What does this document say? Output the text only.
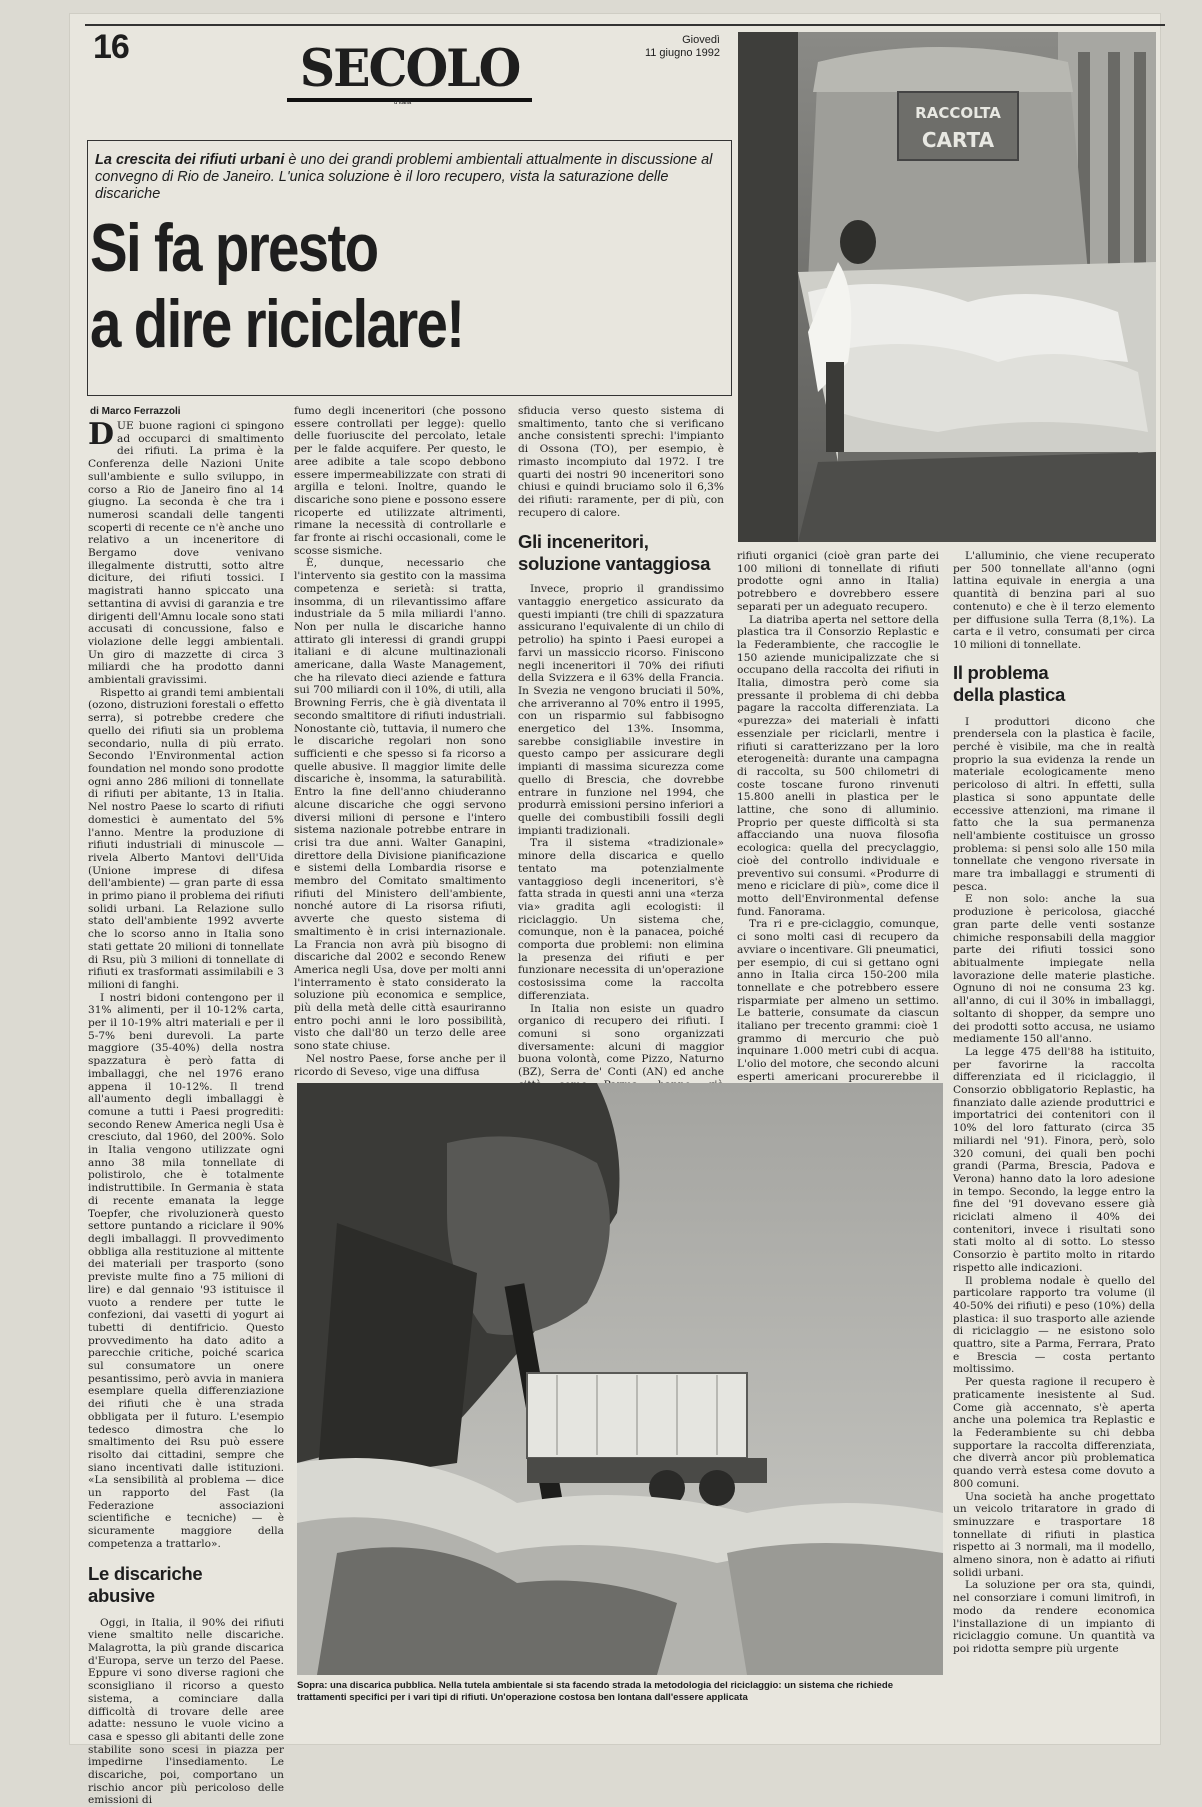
16	SECOLO
d'Italia
Giovedì
11 giugno 1992
La crescita dei rifiuti urbani è uno dei grandi problemi ambientali attualmente in discussione al convegno di Rio de Janeiro. L'unica soluzione è il loro recupero, vista la saturazione delle discariche
Si fa presto
a dire riciclare!
RACCOLTA
CARTA
di Marco Ferrazzoli

DUE buone ragioni ci spingono ad occuparci di smaltimento dei rifiuti. La prima è la Conferenza delle Nazioni Unite sull'ambiente e sullo sviluppo, in corso a Rio de Janeiro fino al 14 giugno. La seconda è che tra i numerosi scandali delle tangenti scoperti di recente ce n'è anche uno relativo a un inceneritore di Bergamo dove venivano illegalmente distrutti, sotto altre diciture, dei rifiuti tossici. I magistrati hanno spiccato una settantina di avvisi di garanzia e tre dirigenti dell'Amnu locale sono stati accusati di concussione, falso e violazione delle leggi ambientali. Un giro di mazzette di circa 3 miliardi che ha prodotto danni ambientali gravissimi.

Rispetto ai grandi temi ambientali (ozono, distruzioni forestali o effetto serra), si potrebbe credere che quello dei rifiuti sia un problema secondario, nulla di più errato. Secondo l'Environmental action foundation nel mondo sono prodotte ogni anno 286 milioni di tonnellate di rifiuti per abitante, 13 in Italia. Nel nostro Paese lo scarto di rifiuti domestici è aumentato del 5% l'anno. Mentre la produzione di rifiuti industriali di minuscole — rivela Alberto Mantovi dell'Uida (Unione imprese di difesa dell'ambiente) — gran parte di essa in primo piano il problema dei rifiuti solidi urbani. La Relazione sullo stato dell'ambiente 1992 avverte che lo scorso anno in Italia sono stati gettate 20 milioni di tonnellate di Rsu, più 3 milioni di tonnellate di rifiuti ex trasformati assimilabili e 3 milioni di fanghi.

I nostri bidoni contengono per il 31% alimenti, per il 10-12% carta, per il 10-19% altri materiali e per il 5-7% beni durevoli. La parte maggiore (35-40%) della nostra spazzatura è però fatta di imballaggi, che nel 1976 erano appena il 10-12%. Il trend all'aumento degli imballaggi è comune a tutti i Paesi progrediti: secondo Renew America negli Usa è cresciuto, dal 1960, del 200%. Solo in Italia vengono utilizzate ogni anno 38 mila tonnellate di polistirolo, che è totalmente indistruttibile. In Germania è stata di recente emanata la legge Toepfer, che rivoluzionerà questo settore puntando a riciclare il 90% degli imballaggi. Il provvedimento obbliga alla restituzione al mittente dei materiali per trasporto (sono previste multe fino a 75 milioni di lire) e dal gennaio '93 istituisce il vuoto a rendere per tutte le confezioni, dai vasetti di yogurt ai tubetti di dentifricio. Questo provvedimento ha dato adito a parecchie critiche, poiché scarica sul consumatore un onere pesantissimo, però avvia in maniera esemplare quella differenziazione dei rifiuti che è una strada obbligata per il futuro. L'esempio tedesco dimostra che lo smaltimento dei Rsu può essere risolto dai cittadini, sempre che siano incentivati dalle istituzioni. «La sensibilità al problema — dice un rapporto del Fast (la Federazione associazioni scientifiche e tecniche) — è sicuramente maggiore della competenza a trattarlo».

Le discariche
abusive

Oggi, in Italia, il 90% dei rifiuti viene smaltito nelle discariche. Malagrotta, la più grande discarica d'Europa, serve un terzo del Paese. Eppure vi sono diverse ragioni che sconsigliano il ricorso a questo sistema, a cominciare dalla difficoltà di trovare delle aree adatte: nessuno le vuole vicino a casa e spesso gli abitanti delle zone stabilite sono scesi in piazza per impedirne l'insediamento. Le discariche, poi, comportano un rischio ancor più pericoloso delle emissioni di

fumo degli inceneritori (che possono essere controllati per legge): quello delle fuoriuscite del percolato, letale per le falde acquifere. Per questo, le aree adibite a tale scopo debbono essere impermeabilizzate con strati di argilla e teloni. Inoltre, quando le discariche sono piene e possono essere ricoperte ed utilizzate altrimenti, rimane la necessità di controllarle e far fronte ai rischi occasionali, come le scosse sismiche.

È, dunque, necessario che l'intervento sia gestito con la massima competenza e serietà: si tratta, insomma, di un rilevantissimo affare industriale da 5 mila miliardi l'anno. Non per nulla le discariche hanno attirato gli interessi di grandi gruppi italiani e di alcune multinazionali americane, dalla Waste Management, che ha rilevato dieci aziende e fattura sui 700 miliardi con il 10%, di utili, alla Browning Ferris, che è già diventata il secondo smaltitore di rifiuti industriali. Nonostante ciò, tuttavia, il numero che le discariche regolari non sono sufficienti e che spesso si fa ricorso a quelle abusive. Il maggior limite delle discariche è, insomma, la saturabilità. Entro la fine dell'anno chiuderanno alcune discariche che oggi servono diversi milioni di persone e l'intero sistema nazionale potrebbe entrare in crisi tra due anni. Walter Ganapini, direttore della Divisione pianificazione e sistemi della Lombardia risorse e membro del Comitato smaltimento rifiuti del Ministero dell'ambiente, nonché autore di La risorsa rifiuti, avverte che questo sistema di smaltimento è in crisi internazionale. La Francia non avrà più bisogno di discariche dal 2002 e secondo Renew America negli Usa, dove per molti anni l'interramento è stato considerato la soluzione più economica e semplice, più della metà delle città esauriranno entro pochi anni le loro possibilità, visto che dall'80 un terzo delle aree sono state chiuse.

Nel nostro Paese, forse anche per il ricordo di Seveso, vige una diffusa

sfiducia verso questo sistema di smaltimento, tanto che si verificano anche consistenti sprechi: l'impianto di Ossona (TO), per esempio, è rimasto incompiuto dal 1972. I tre quarti dei nostri 90 inceneritori sono chiusi e quindi bruciamo solo il 6,3% dei rifiuti: raramente, per di più, con recupero di calore.

Gli inceneritori,
soluzione vantaggiosa

Invece, proprio il grandissimo vantaggio energetico assicurato da questi impianti (tre chili di spazzatura assicurano l'equivalente di un chilo di petrolio) ha spinto i Paesi europei a farvi un massiccio ricorso. Finiscono negli inceneritori il 70% dei rifiuti della Svizzera e il 63% della Francia. In Svezia ne vengono bruciati il 50%, che arriveranno al 70% entro il 1995, con un risparmio sul fabbisogno energetico del 13%. Insomma, sarebbe consigliabile investire in questo campo per assicurare degli impianti di massima sicurezza come quello di Brescia, che dovrebbe entrare in funzione nel 1994, che produrrà emissioni persino inferiori a quelle dei combustibili fossili degli impianti tradizionali.

Tra il sistema «tradizionale» minore della discarica e quello tentato ma potenzialmente vantaggioso degli inceneritori, s'è fatta strada in questi anni una «terza via» gradita agli ecologisti: il riciclaggio. Un sistema che, comunque, non è la panacea, poiché comporta due problemi: non elimina la presenza dei rifiuti e per funzionare necessita di un'operazione costosissima come la raccolta differenziata.

In Italia non esiste un quadro organico di recupero dei rifiuti. I comuni si sono organizzati diversamente: alcuni di maggior buona volontà, come Pizzo, Naturno (BZ), Serra de' Conti (AN) ed anche

rifiuti organici (cioè gran parte dei 100 milioni di tonnellate di rifiuti prodotte ogni anno in Italia) potrebbero e dovrebbero essere separati per un adeguato recupero.

La diatriba aperta nel settore della plastica tra il Consorzio Replastic e la Federambiente, che raccoglie le 150 aziende municipalizzate che si occupano della raccolta dei rifiuti in Italia, dimostra però come sia pressante il problema di chi debba pagare la raccolta differenziata. La «purezza» dei materiali è infatti essenziale per riciclarli, mentre i rifiuti si caratterizzano per la loro eterogeneità: durante una campagna di raccolta, su 500 chilometri di coste toscane furono rinvenuti 15.800 anelli in plastica per le lattine, che sono di alluminio. Proprio per queste difficoltà si sta affacciando una nuova filosofia ecologica: quella del precyclaggio, cioè del controllo individuale e preventivo sui consumi. «Produrre di meno e riciclare di più», come dice il motto dell'Environmental defense fund. Fanorama.

Tra ri e pre-ciclaggio, comunque, ci sono molti casi di recupero da avviare o incentivare. Gli pneumatici, per esempio, di cui si gettano ogni anno in Italia circa 150-200 mila tonnellate e che potrebbero essere risparmiate per almeno un settimo. Le batterie, consumate da ciascun italiano per trecento grammi: cioè 1 grammo di mercurio che può inquinare 1.000 metri cubi di acqua. L'olio del motore, che secondo alcuni esperti americani procurerebbe il

L'alluminio, che viene recuperato per 500 tonnellate all'anno (ogni lattina equivale in energia a una quantità di benzina pari al suo contenuto) e che è il terzo elemento per diffusione sulla Terra (8,1%). La carta e il vetro, consumati per circa 10 milioni di tonnellate.

Il problema
della plastica

I produttori dicono che prendersela con la plastica è facile, perché è visibile, ma che in realtà proprio la sua evidenza la rende un materiale ecologicamente meno pericoloso di altri. In effetti, sulla plastica si sono appuntate delle eccessive attenzioni, ma rimane il fatto che la sua permanenza nell'ambiente costituisce un grosso problema: si pensi solo alle 150 mila tonnellate che vengono riversate in mare tra imballaggi e strumenti di pesca.

E non solo: anche la sua produzione è pericolosa, giacché gran parte delle venti sostanze chimiche responsabili della maggior parte dei rifiuti tossici sono abitualmente impiegate nella lavorazione delle materie plastiche. Ognuno di noi ne consuma 23 kg. all'anno, di cui il 30% in imballaggi, soltanto di shopper, da sempre uno dei prodotti sotto accusa, ne usiamo mediamente 150 all'anno.

La legge 475 dell'88 ha istituito, per favorirne la raccolta differenziata ed il riciclaggio, il Consorzio obbligatorio Replastic, ha finanziato dalle aziende produttrici e importatrici dei contenitori con il 10% del loro fatturato (circa 35 miliardi nel '91). Finora, però, solo 320 comuni, dei quali ben pochi grandi (Parma, Brescia, Padova e Verona) hanno dato la loro adesione in tempo. Secondo, la legge entro la fine del '91 dovevano essere già riciclati almeno il 40% dei contenitori, invece i risultati sono stati molto al di sotto. Lo stesso Consorzio è partito molto in ritardo rispetto alle indicazioni.

Il problema nodale è quello del particolare rapporto tra volume (il 40-50% dei rifiuti) e peso (10%) della plastica: il suo trasporto alle aziende di riciclaggio — ne esistono solo quattro, site a Parma, Ferrara, Prato e Brescia — costa pertanto moltissimo.

Per questa ragione il recupero è praticamente inesistente al Sud. Come già accennato, s'è aperta anche una polemica tra Replastic e la Federambiente su chi debba supportare la raccolta differenziata, che diverrà ancor più problematica quando verrà estesa come dovuto a 800 comuni.

Una società ha anche progettato un veicolo tritaratore in grado di sminuzzare e trasportare 18 tonnellate di rifiuti in plastica rispetto ai 3 normali, ma il modello, almeno sinora, non è adatto ai rifiuti solidi urbani.

La soluzione per ora sta, quindi, nel consorziare i comuni limitrofi, in modo da rendere economica l'installazione di un impianto di riciclaggio comune. Un quantità va poi ridotta sempre più urgente

Sopra: una discarica pubblica. Nella tutela ambientale si sta facendo strada la metodologia del riciclaggio: un sistema che richiede trattamenti specifici per i vari tipi di rifiuti. Un'operazione costosa ben lontana dall'essere applicata
